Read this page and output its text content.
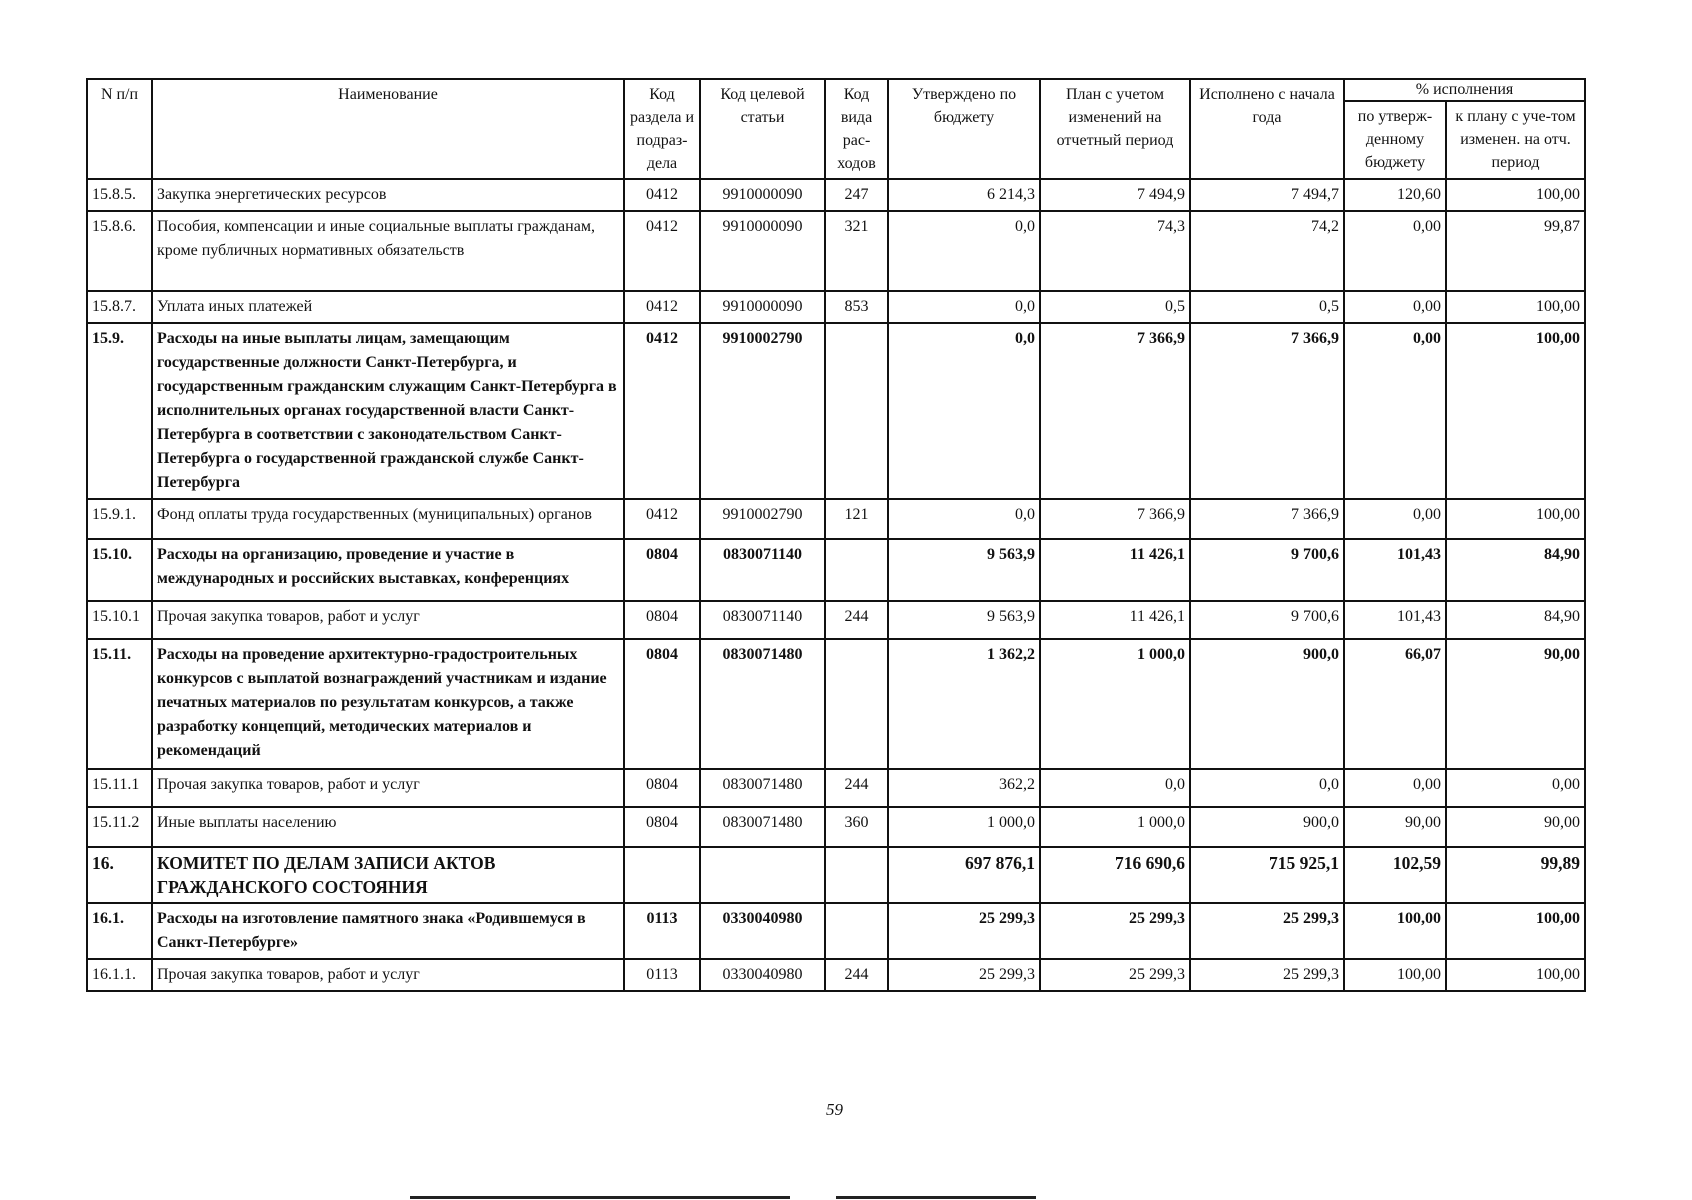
N п/п	Наименование	Код раздела и подраз-дела	Код целевой статьи	Код вида рас-ходов	Утверждено по бюджету	План с учетом изменений на отчетный период	Исполнено с начала года	% исполнения	
								по утверж-денному бюджету	к плану с уче-том изменен. на отч. период
15.8.5.	Закупка энергетических ресурсов	0412	9910000090	247	6 214,3	7 494,9	7 494,7	120,60	100,00
15.8.6.	Пособия, компенсации и иные социальные выплаты гражданам, кроме публичных нормативных обязательств	0412	9910000090	321	0,0	74,3	74,2	0,00	99,87
15.8.7.	Уплата иных платежей	0412	9910000090	853	0,0	0,5	0,5	0,00	100,00
15.9.	Расходы на иные выплаты лицам, замещающим государственные должности Санкт-Петербурга, и государственным гражданским служащим Санкт-Петербурга в исполнительных органах государственной власти Санкт-Петербурга в соответствии с законодательством Санкт-Петербурга о государственной гражданской службе Санкт-Петербурга	0412	9910002790		0,0	7 366,9	7 366,9	0,00	100,00
15.9.1.	Фонд оплаты труда государственных (муниципальных) органов	0412	9910002790	121	0,0	7 366,9	7 366,9	0,00	100,00
15.10.	Расходы на организацию, проведение и участие в международных и российских выставках, конференциях	0804	0830071140		9 563,9	11 426,1	9 700,6	101,43	84,90
15.10.1	Прочая закупка товаров, работ и услуг	0804	0830071140	244	9 563,9	11 426,1	9 700,6	101,43	84,90
15.11.	Расходы на проведение архитектурно-градостроительных конкурсов с выплатой вознаграждений участникам и издание печатных материалов по результатам конкурсов, а также разработку концепций, методических материалов и рекомендаций	0804	0830071480		1 362,2	1 000,0	900,0	66,07	90,00
15.11.1	Прочая закупка товаров, работ и услуг	0804	0830071480	244	362,2	0,0	0,0	0,00	0,00
15.11.2	Иные выплаты населению	0804	0830071480	360	1 000,0	1 000,0	900,0	90,00	90,00
16.	КОМИТЕТ ПО ДЕЛАМ ЗАПИСИ АКТОВ ГРАЖДАНСКОГО СОСТОЯНИЯ				697 876,1	716 690,6	715 925,1	102,59	99,89
16.1.	Расходы на изготовление памятного знака «Родившемуся в Санкт-Петербурге»	0113	0330040980		25 299,3	25 299,3	25 299,3	100,00	100,00
16.1.1.	Прочая закупка товаров, работ и услуг	0113	0330040980	244	25 299,3	25 299,3	25 299,3	100,00	100,00
59
